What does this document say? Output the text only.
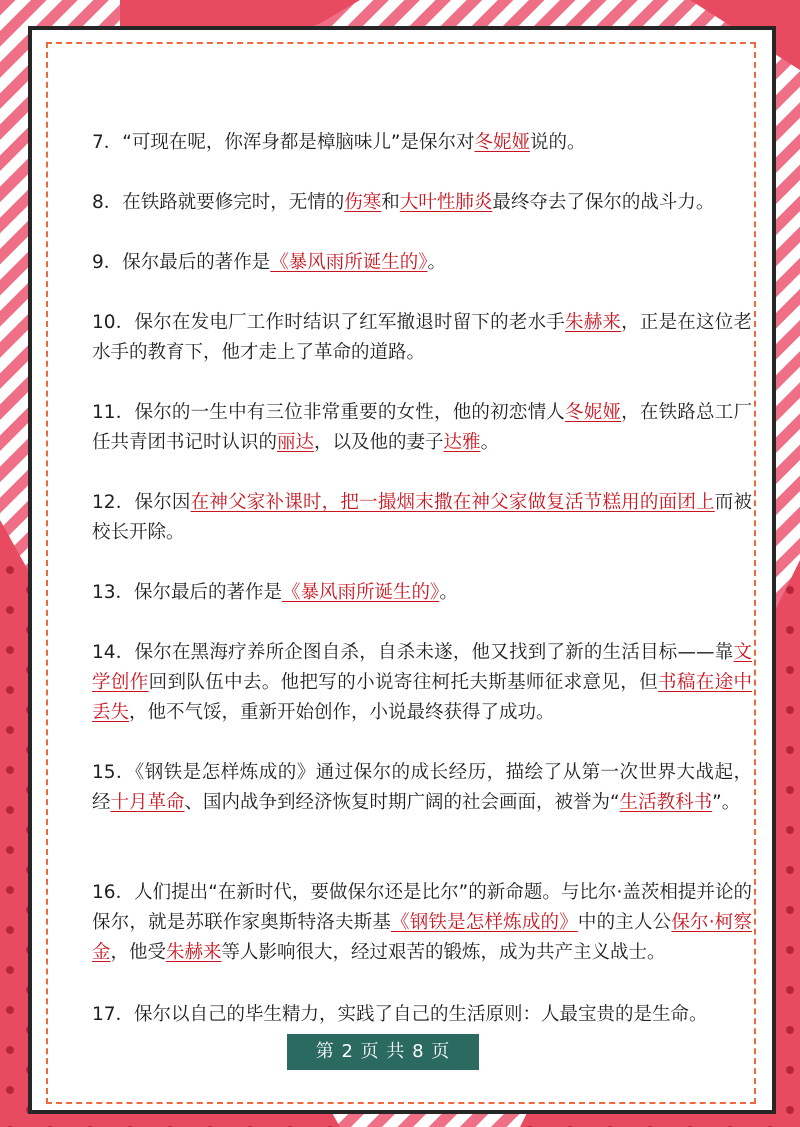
7．“可现在呢，你浑身都是樟脑味儿”是保尔对冬妮娅说的。

8．在铁路就要修完时，无情的伤寒和大叶性肺炎最终夺去了保尔的战斗力。

9．保尔最后的著作是《暴风雨所诞生的》。

10．保尔在发电厂工作时结识了红军撤退时留下的老水手朱赫来，正是在这位老水手的教育下，他才走上了革命的道路。

11．保尔的一生中有三位非常重要的女性，他的初恋情人冬妮娅，在铁路总工厂任共青团书记时认识的丽达，以及他的妻子达雅。

12．保尔因在神父家补课时，把一撮烟末撒在神父家做复活节糕用的面团上而被校长开除。

13．保尔最后的著作是《暴风雨所诞生的》。

14．保尔在黑海疗养所企图自杀，自杀未遂，他又找到了新的生活目标——靠文学创作回到队伍中去。他把写的小说寄往柯托夫斯基师征求意见，但书稿在途中丢失，他不气馁，重新开始创作，小说最终获得了成功。

15．《钢铁是怎样炼成的》通过保尔的成长经历，描绘了从第一次世界大战起，经十月革命、国内战争到经济恢复时期广阔的社会画面，被誉为“生活教科书”。

16．人们提出“在新时代，要做保尔还是比尔”的新命题。与比尔·盖茨相提并论的保尔，就是苏联作家奥斯特洛夫斯基《钢铁是怎样炼成的》中的主人公保尔·柯察金，他受朱赫来等人影响很大，经过艰苦的锻炼，成为共产主义战士。

17．保尔以自己的毕生精力，实践了自己的生活原则：人最宝贵的是生命。

第 2 页 共 8 页
